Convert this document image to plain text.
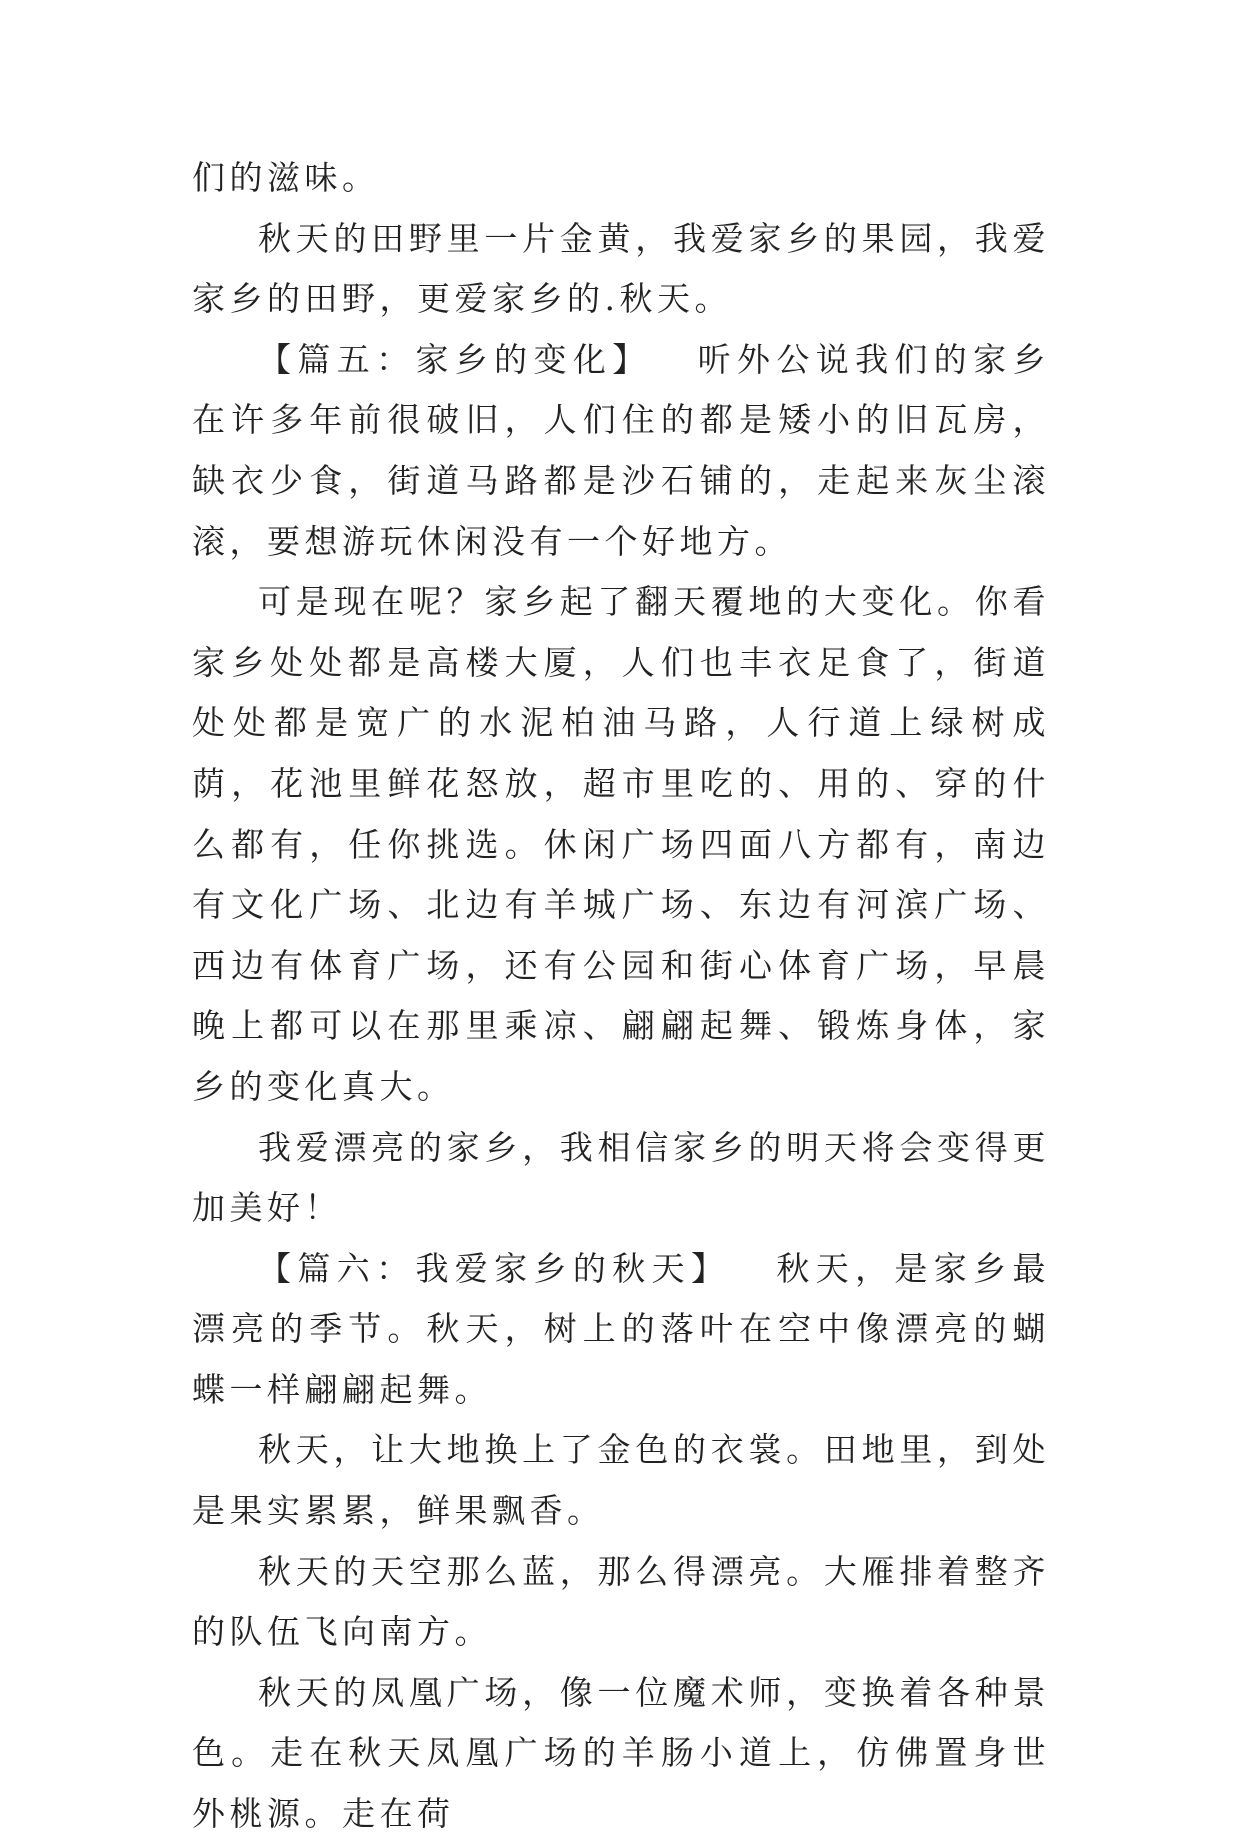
们的滋味。

秋天的田野里一片金黄，我爱家乡的果园，我爱家乡的田野，更爱家乡的.秋天。

【篇五：家乡的变化】 听外公说我们的家乡在许多年前很破旧，人们住的都是矮小的旧瓦房，缺衣少食，街道马路都是沙石铺的，走起来灰尘滚滚，要想游玩休闲没有一个好地方。

可是现在呢？家乡起了翻天覆地的大变化。你看家乡处处都是高楼大厦，人们也丰衣足食了，街道处处都是宽广的水泥柏油马路，人行道上绿树成荫，花池里鲜花怒放，超市里吃的、用的、穿的什么都有，任你挑选。休闲广场四面八方都有，南边有文化广场、北边有羊城广场、东边有河滨广场、西边有体育广场，还有公园和街心体育广场，早晨晚上都可以在那里乘凉、翩翩起舞、锻炼身体，家乡的变化真大。

我爱漂亮的家乡，我相信家乡的明天将会变得更加美好！

【篇六：我爱家乡的秋天】 秋天，是家乡最漂亮的季节。秋天，树上的落叶在空中像漂亮的蝴蝶一样翩翩起舞。

秋天，让大地换上了金色的衣裳。田地里，到处是果实累累，鲜果飘香。

秋天的天空那么蓝，那么得漂亮。大雁排着整齐的队伍飞向南方。

秋天的凤凰广场，像一位魔术师，变换着各种景色。走在秋天凤凰广场的羊肠小道上，仿佛置身世外桃源。走在荷
